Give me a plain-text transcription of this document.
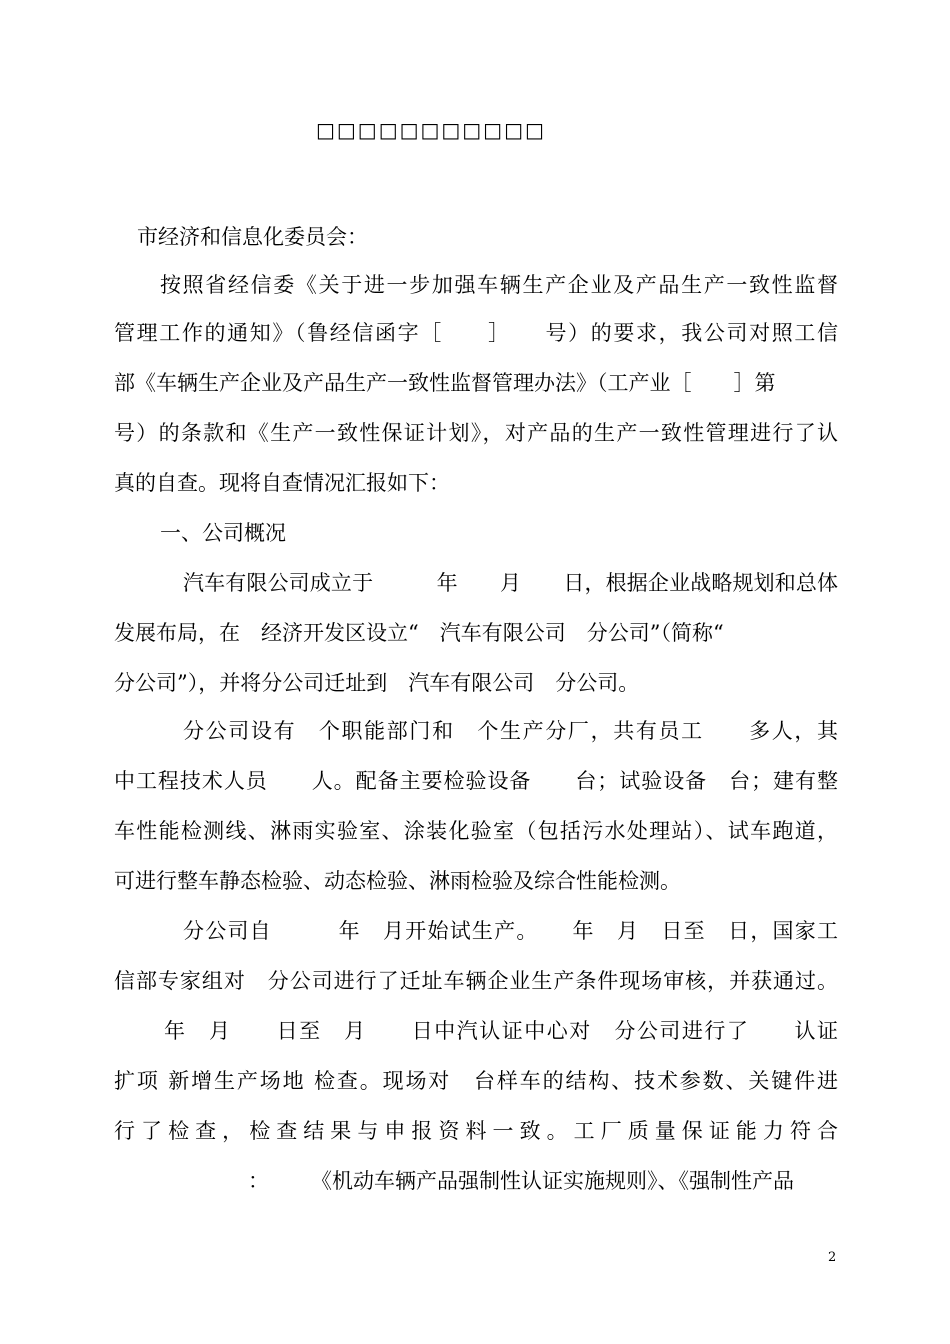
□□□□□□□□□□□
市经济和信息化委员会：
按照省经信委《关于进一步加强车辆生产企业及产品生产一致性监督
管理工作的通知》（鲁经信函字［　　］　　号）的要求，我公司对照工信
部《车辆生产企业及产品生产一致性监督管理办法》（工产业［　　］第
号）的条款和《生产一致性保证计划》，对产品的生产一致性管理进行了认
真的自查。现将自查情况汇报如下：
一、公司概况
汽车有限公司成立于　　　年　　月　　日，根据企业战略规划和总体
发展布局，在　经济开发区设立“　汽车有限公司　分公司”（简称“
分公司”），并将分公司迁址到　汽车有限公司　分公司。
分公司设有　个职能部门和　个生产分厂，共有员工　　多人，其
中工程技术人员　　人。配备主要检验设备　　台；试验设备　台；建有整
车性能检测线、淋雨实验室、涂装化验室（包括污水处理站）、试车跑道，
可进行整车静态检验、动态检验、淋雨检验及综合性能检测。
分公司自　　　年　月开始试生产。　　年　月　日至　日，国家工
信部专家组对　分公司进行了迁址车辆企业生产条件现场审核，并获通过。
年　月　　日至　月　　日中汽认证中心对　分公司进行了　　认证
扩项 新增生产场地 检查。现场对　台样车的结构、技术参数、关键件进
行了检查，检查结果与申报资料一致。工厂质量保证能力符合
：　　　《机动车辆产品强制性认证实施规则》、《强制性产品
2
